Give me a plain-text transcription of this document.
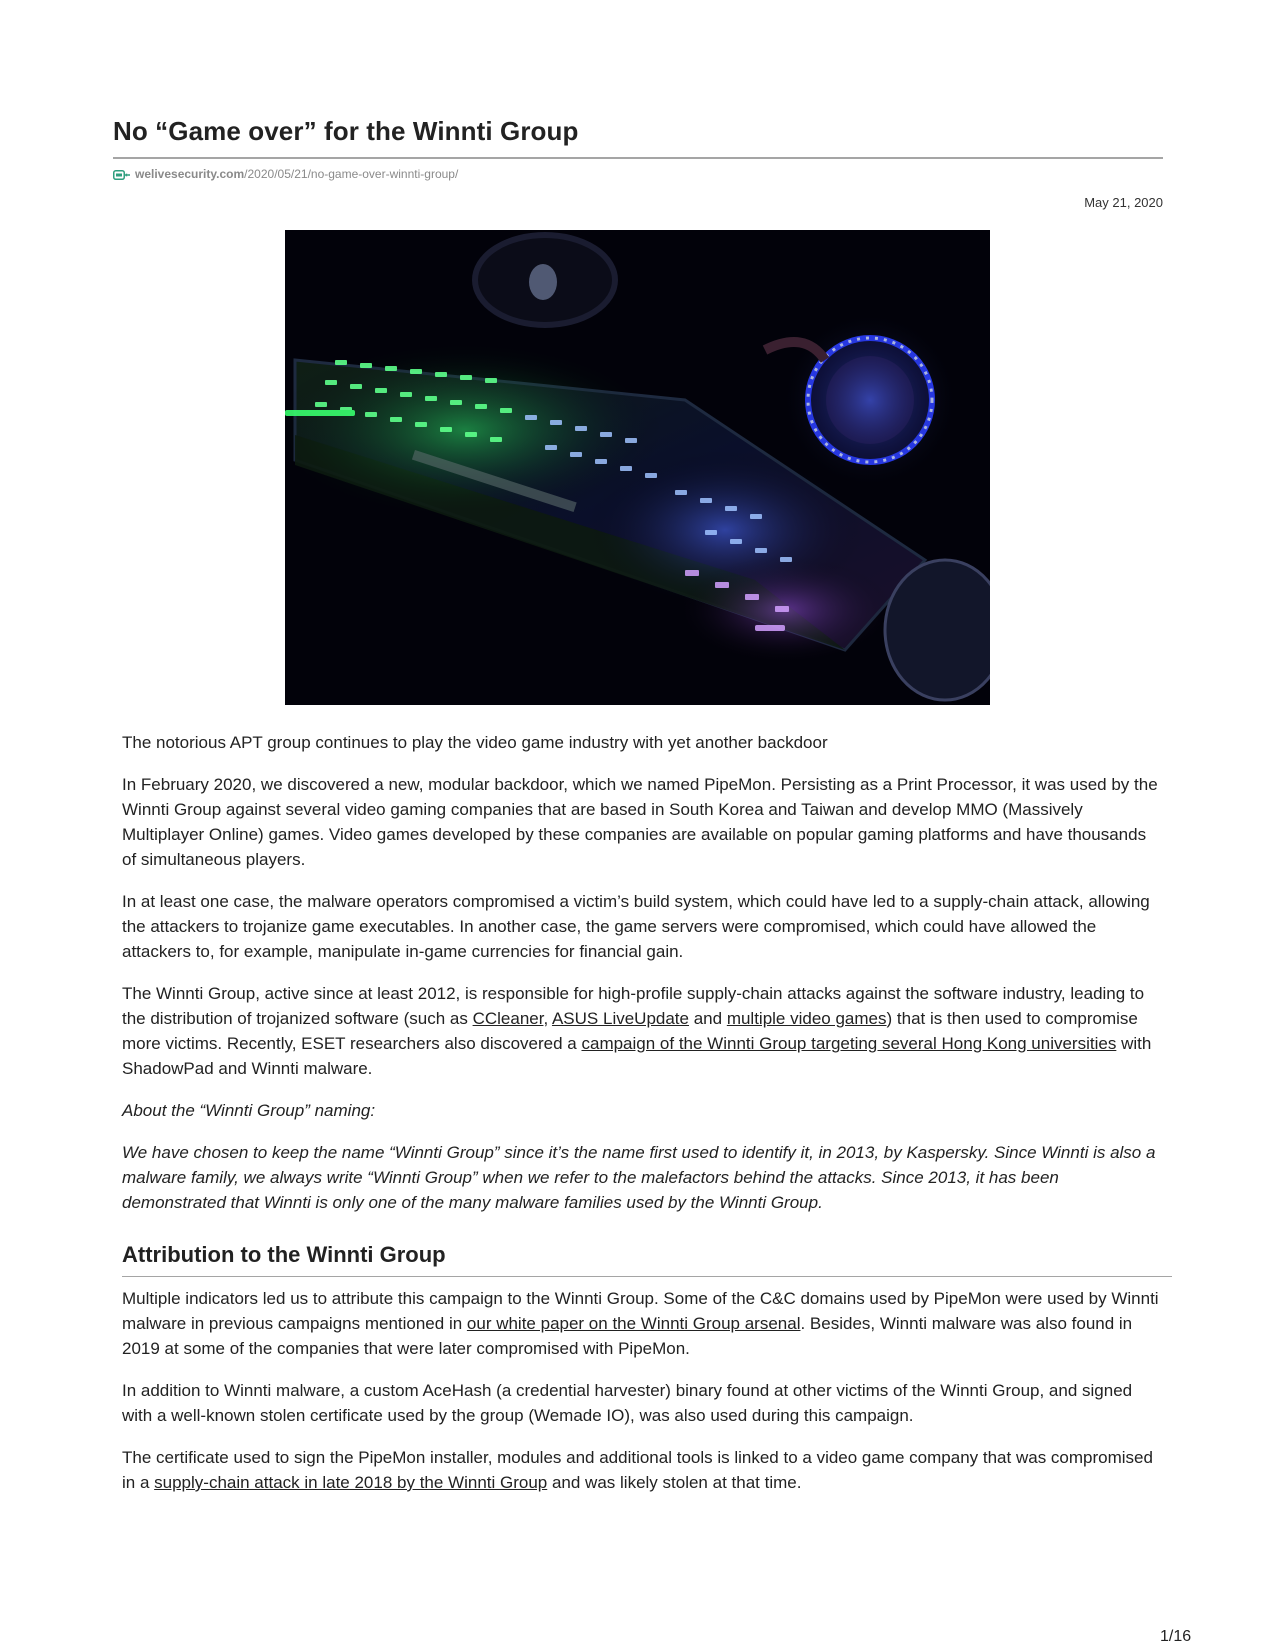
No “Game over” for the Winnti Group
welivesecurity.com/2020/05/21/no-game-over-winnti-group/
May 21, 2020

The notorious APT group continues to play the video game industry with yet another backdoor

In February 2020, we discovered a new, modular backdoor, which we named PipeMon. Persisting as a Print Processor, it was used by the Winnti Group against several video gaming companies that are based in South Korea and Taiwan and develop MMO (Massively Multiplayer Online) games. Video games developed by these companies are available on popular gaming platforms and have thousands of simultaneous players.

In at least one case, the malware operators compromised a victim’s build system, which could have led to a supply-chain attack, allowing the attackers to trojanize game executables. In another case, the game servers were compromised, which could have allowed the attackers to, for example, manipulate in-game currencies for financial gain.

The Winnti Group, active since at least 2012, is responsible for high-profile supply-chain attacks against the software industry, leading to the distribution of trojanized software (such as CCleaner, ASUS LiveUpdate and multiple video games) that is then used to compromise more victims. Recently, ESET researchers also discovered a campaign of the Winnti Group targeting several Hong Kong universities with ShadowPad and Winnti malware.

About the “Winnti Group” naming:

We have chosen to keep the name “Winnti Group” since it’s the name first used to identify it, in 2013, by Kaspersky. Since Winnti is also a malware family, we always write “Winnti Group” when we refer to the malefactors behind the attacks. Since 2013, it has been demonstrated that Winnti is only one of the many malware families used by the Winnti Group.

Attribution to the Winnti Group

Multiple indicators led us to attribute this campaign to the Winnti Group. Some of the C&C domains used by PipeMon were used by Winnti malware in previous campaigns mentioned in our white paper on the Winnti Group arsenal. Besides, Winnti malware was also found in 2019 at some of the companies that were later compromised with PipeMon.

In addition to Winnti malware, a custom AceHash (a credential harvester) binary found at other victims of the Winnti Group, and signed with a well-known stolen certificate used by the group (Wemade IO), was also used during this campaign.

The certificate used to sign the PipeMon installer, modules and additional tools is linked to a video game company that was compromised in a supply-chain attack in late 2018 by the Winnti Group and was likely stolen at that time.

1/16
